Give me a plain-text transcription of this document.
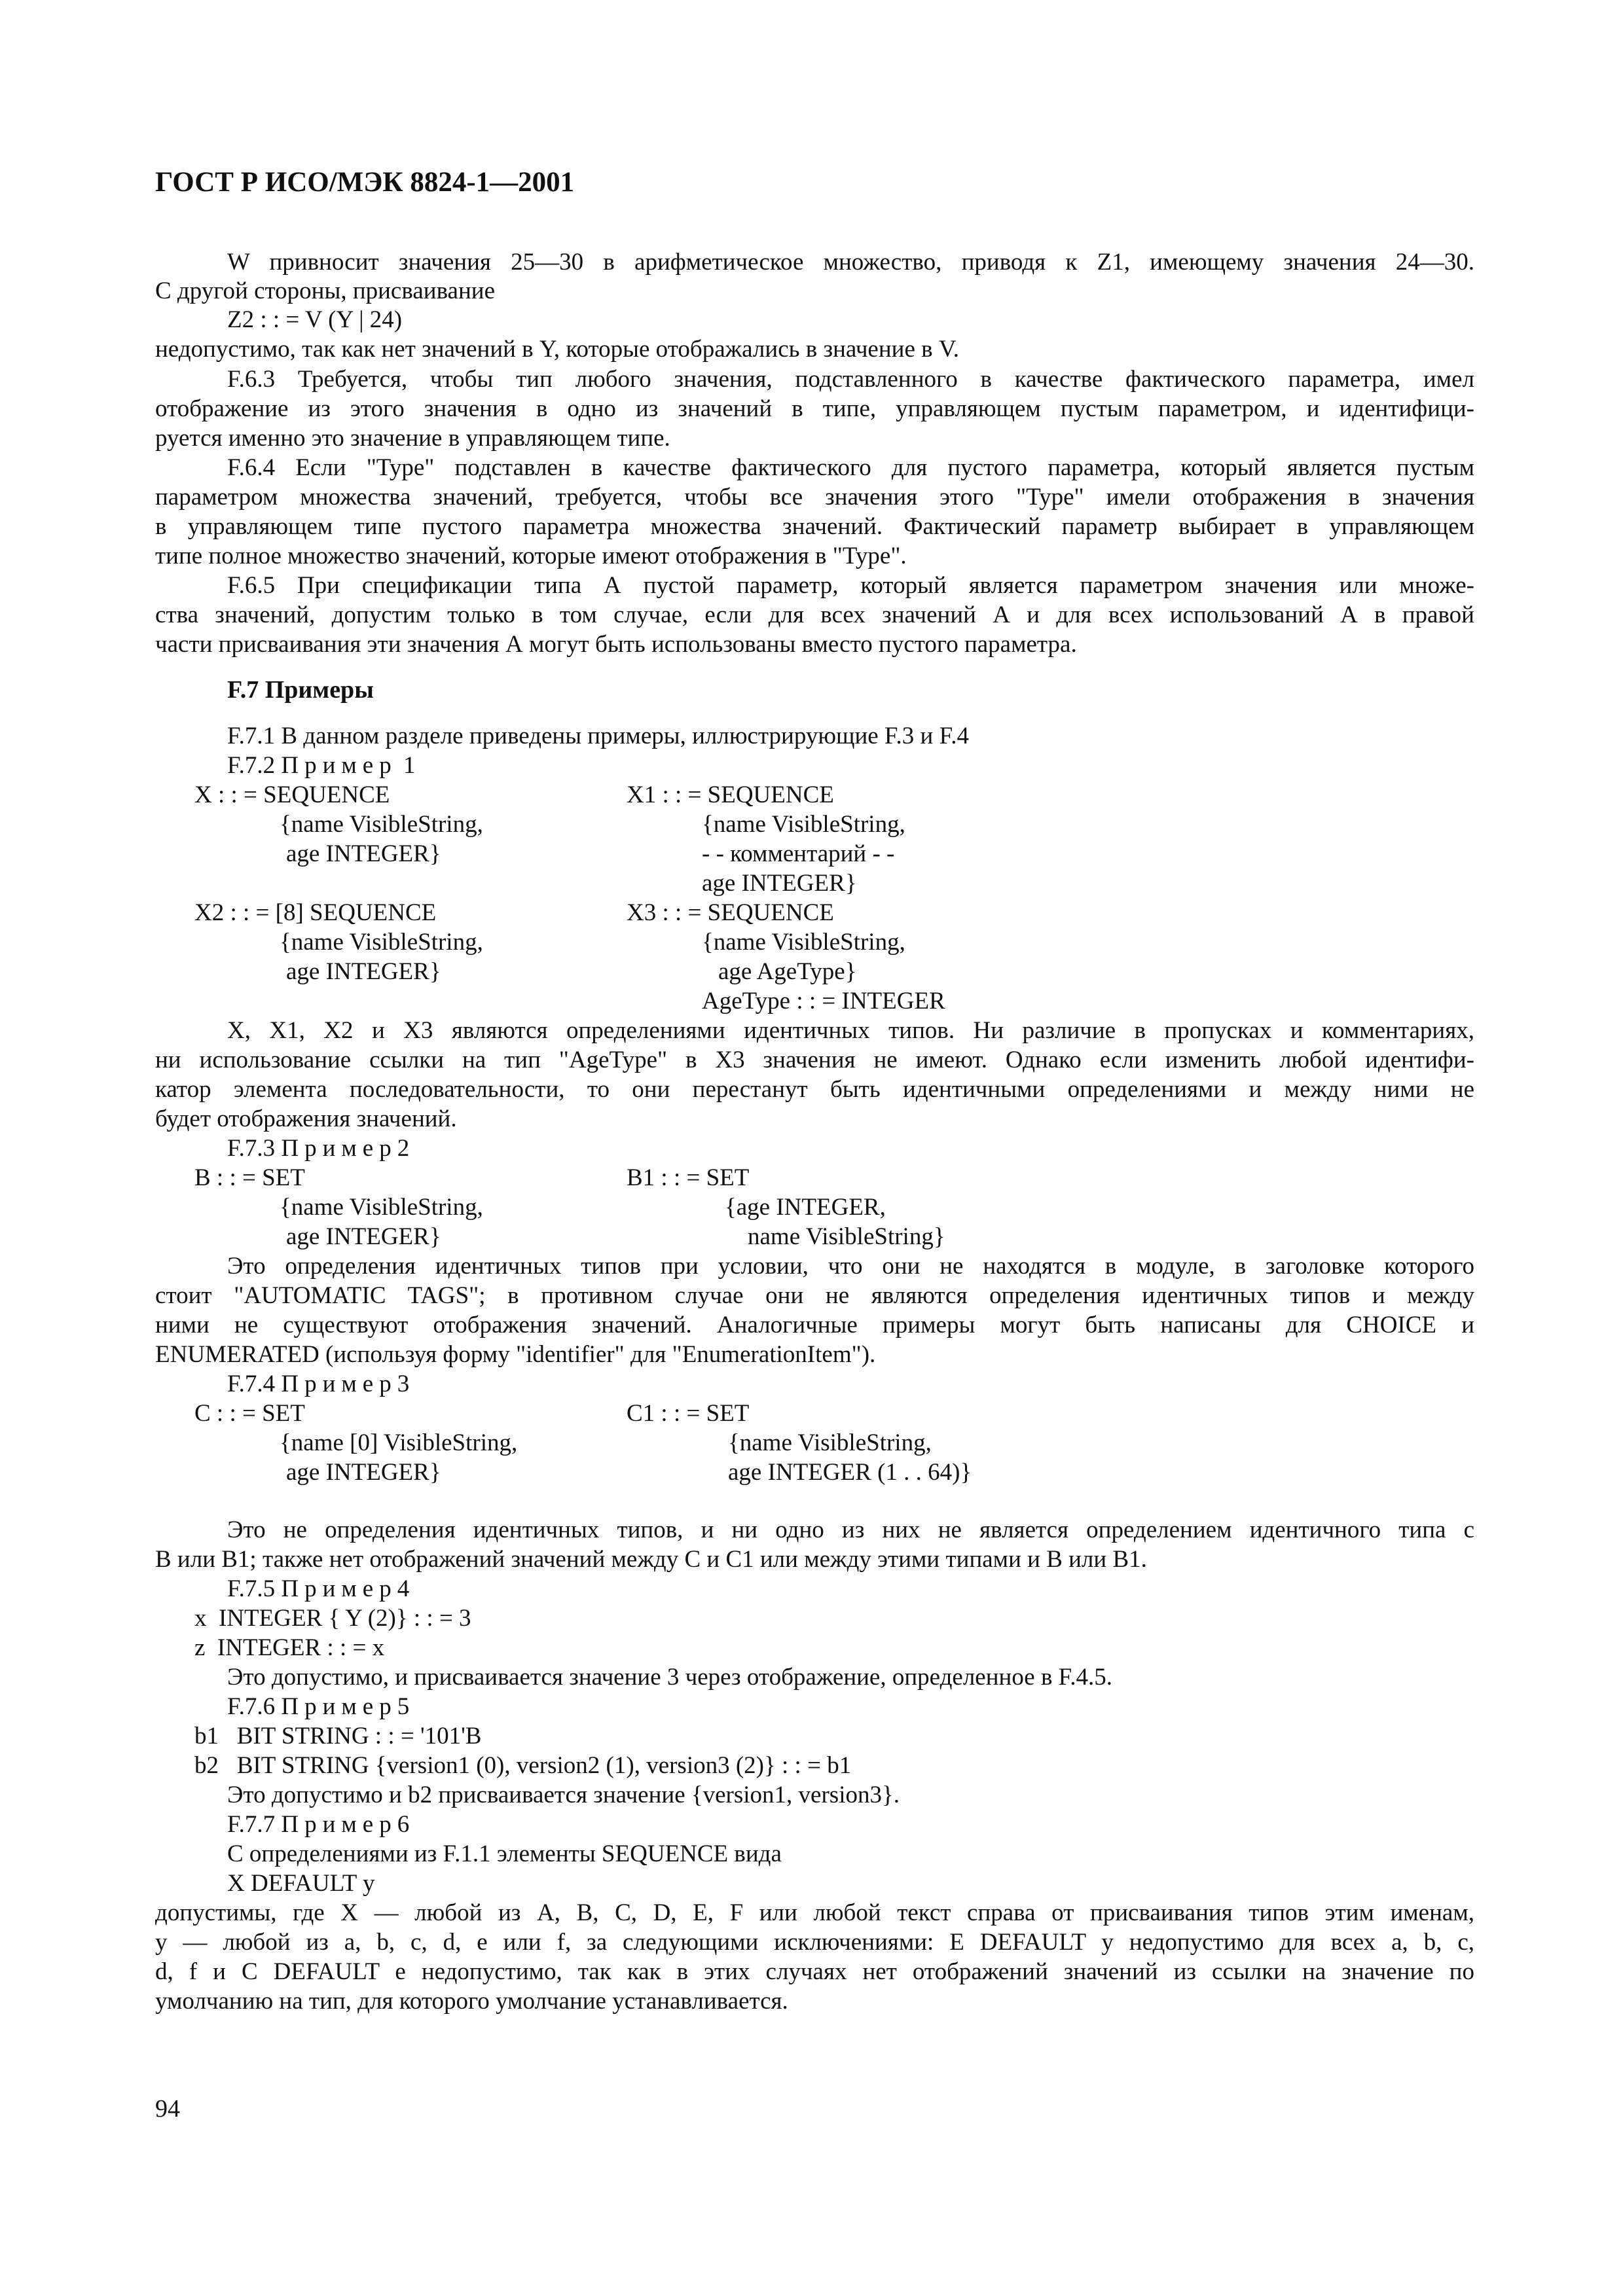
ГОСТ Р ИСО/МЭК 8824-1—2001
W привносит значения 25—30 в арифметическое множество, приводя к Z1, имеющему значения 24—30.
С другой стороны, присваивание
Z2 : : = V (Y | 24)
недопустимо, так как нет значений в Y, которые отображались в значение в V.
F.6.3 Требуется, чтобы тип любого значения, подставленного в качестве фактического параметра, имел
отображение из этого значения в одно из значений в типе, управляющем пустым параметром, и идентифици-
руется именно это значение в управляющем типе.
F.6.4 Если "Type" подставлен в качестве фактического для пустого параметра, который является пустым
параметром множества значений, требуется, чтобы все значения этого "Type" имели отображения в значения
в управляющем типе пустого параметра множества значений. Фактический параметр выбирает в управляющем
типе полное множество значений, которые имеют отображения в "Type".
F.6.5 При спецификации типа А пустой параметр, который является параметром значения или множе-
ства значений, допустим только в том случае, если для всех значений А и для всех использований А в правой
части присваивания эти значения А могут быть использованы вместо пустого параметра.
F.7 Примеры
F.7.1 В данном разделе приведены примеры, иллюстрирующие F.3 и F.4
F.7.2 Пример 1
X : : = SEQUENCE
{name VisibleString,
age INTEGER}
X1 : : = SEQUENCE
{name VisibleString,
- - комментарий - -
age INTEGER}
X2 : : = [8] SEQUENCE
{name VisibleString,
age INTEGER}
X3 : : = SEQUENCE
{name VisibleString,
age AgeType}
AgeType : : = INTEGER
X, X1, X2 и X3 являются определениями идентичных типов. Ни различие в пропусках и комментариях,
ни использование ссылки на тип "AgeType" в X3 значения не имеют. Однако если изменить любой идентифи-
катор элемента последовательности, то они перестанут быть идентичными определениями и между ними не
будет отображения значений.
F.7.3 Пример2
B : : = SET
{name VisibleString,
age INTEGER}
B1 : : = SET
{age INTEGER,
name VisibleString}
Это определения идентичных типов при условии, что они не находятся в модуле, в заголовке которого
стоит "AUTOMATIC TAGS"; в противном случае они не являются определения идентичных типов и между
ними не существуют отображения значений. Аналогичные примеры могут быть написаны для CHOICE и
ENUMERATED (используя форму "identifier" для "EnumerationItem").
F.7.4 Пример3
C : : = SET
{name [0] VisibleString,
age INTEGER}
C1 : : = SET
{name VisibleString,
age INTEGER (1 . . 64)}
Это не определения идентичных типов, и ни одно из них не является определением идентичного типа с
B или B1; также нет отображений значений между C и C1 или между этими типами и B или B1.
F.7.5 Пример4
x  INTEGER { Y (2)} : : = 3
z  INTEGER : : = x
Это допустимо, и присваивается значение 3 через отображение, определенное в F.4.5.
F.7.6 Пример5
b1   BIT STRING : : = '101'B
b2   BIT STRING {version1 (0), version2 (1), version3 (2)} : : = b1
Это допустимо и b2 присваивается значение {version1, version3}.
F.7.7 Пример6
С определениями из F.1.1 элементы SEQUENCE вида
X DEFAULT y
допустимы, где X — любой из A, B, C, D, E, F или любой текст справа от присваивания типов этим именам,
y — любой из a, b, c, d, e или f, за следующими исключениями: E DEFAULT y недопустимо для всех a, b, c,
d, f и C DEFAULT e недопустимо, так как в этих случаях нет отображений значений из ссылки на значение по
умолчанию на тип, для которого умолчание устанавливается.
94
